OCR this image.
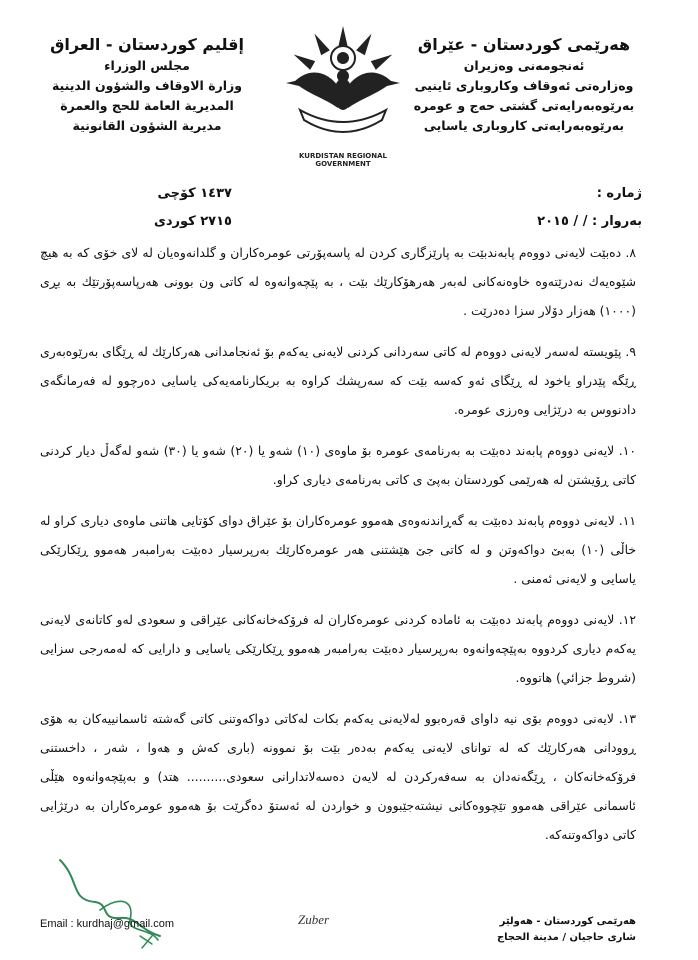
هەرێمی کوردستان - عێراق
ئەنجومەنی وەزیران
وەزارەتی ئەوقاف وکاروباری ئاینیی
بەرێوەبەرایەتی گشتی حەج و عومرە
بەرێوەبەرایەتی کاروباری یاسایی
KURDISTAN REGIONAL GOVERNMENT
إقليم كوردستان - العراق
مجلس الوزراء
وزارة الاوقاف والشؤون الدينية
المديرية العامة للحج والعمرة
مديرية الشؤون القانونية
ژمارە :
بەروار : / / ٢٠١٥
١٤٣٧ کۆچی
٢٧١٥ کوردی

٨. دەبێت لایەنی دووەم پابەندبێت بە پارێزگاری کردن لە پاسەپۆرتی عومرەکاران و گلدانەوەیان لە لای خۆی کە بە هیچ شێوەیەك نەدرێتەوە خاوەنەکانی لەبەر هەرهۆکارێك بێت ، بە پێچەوانەوە لە کاتی ون بوونی هەرپاسەپۆرتێك بە بڕی (١٠٠٠) هەزار دۆلار سزا دەدرێت .

٩. پێویستە لەسەر لایەنی دووەم لە کاتی سەردانی کردنی لایەنی یەکەم بۆ ئەنجامدانی هەرکارێك لە ڕێگای بەرێوەبەری ڕێگە پێدراو یاخود لە ڕێگای ئەو کەسە بێت کە سەرپشك کراوە بە بریکارنامەیەکی یاسایی دەرچوو لە فەرمانگەی دادنووس بە درێژایی وەرزی عومرە.

١٠. لایەنی دووەم پابەند دەبێت بە بەرنامەی عومرە بۆ ماوەی (١٠) شەو یا (٢٠) شەو یا (٣٠) شەو لەگەڵ دیار کردنی کاتی ڕۆیشتن لە هەرێمی کوردستان بەپێ ی کاتی بەرنامەی دیاری کراو.

١١. لایەنی دووەم پابەند دەبێت بە گەڕاندنەوەی هەموو عومرەکاران بۆ عێراق دوای کۆتایی هاتنی ماوەی دیاری کراو لە خاڵی (١٠) بەبێ دواکەوتن و لە کاتی جێ هێشتنی هەر عومرەکارێك بەرپرسیار دەبێت بەرامبەر هەموو ڕێکارێکی یاسایی و لایەنی ئەمنی .

١٢. لایەنی دووەم پابەند دەبێت بە ئامادە کردنی عومرەکاران لە فرۆکەخانەکانی عێراقی و سعودی لەو کاتانەی لایەنی یەکەم دیاری کردووە بەپێچەوانەوە بەرپرسیار دەبێت بەرامبەر هەموو ڕێکارێکی یاسایی و دارایی کە لەمەرجی سزایی (شروط جزائي) هاتووە.

١٣. لایەنی دووەم بۆی نیە داوای قەرەبوو لەلایەنی یەکەم بکات لەکاتی دواکەوتنی کاتی گەشتە ئاسمانییەکان بە هۆی ڕوودانی هەرکارێك کە لە توانای لایەنی یەکەم بەدەر بێت بۆ نموونە (باری کەش و هەوا ، شەر ، داخستنی فرۆکەخانەکان ، ڕێگەنەدان بە سەفەرکردن لە لایەن دەسەلاتدارانی سعودی.......... هتد) و بەپێچەوانەوە هێڵی ئاسمانی عێراقی هەموو تێچووەکانی نیشتەجێبوون و خواردن لە ئەستۆ دەگرێت بۆ هەموو عومرەکاران بە درێژایی کاتی دواکەوتنەکە.

Email : kurdhaj@gmail.com	Zuber	هەرێمی کوردستان - هەولێر
شاری حاجیان / مدينة الحجاج
